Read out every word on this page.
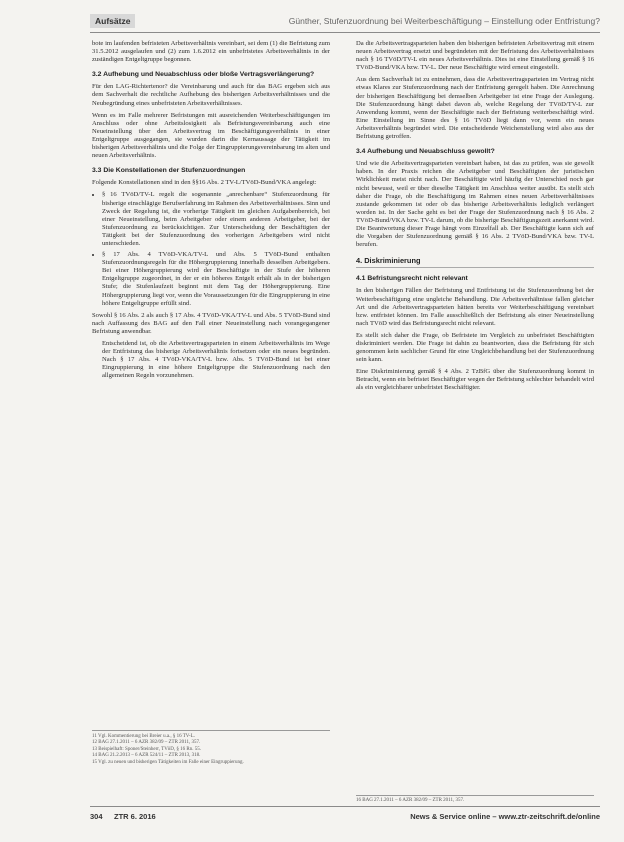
Aufsätze	Günther, Stufenzuordnung bei Weiterbeschäftigung – Einstellung oder Entfristung?

bote im laufenden befristeten Arbeitsverhältnis vereinbart, sei dem (1) die Befristung zum 31.5.2012 ausgelaufen und (2) zum 1.6.2012 ein unbefristetes Arbeitsverhältnis in der zuständigen Entgeltgruppe begonnen.

3.2 Aufhebung und Neuabschluss oder bloße Vertragsverlängerung?

Für den LAG-Richtertenor? die Vereinbarung und auch für das BAG ergeben sich aus dem Sachverhalt die rechtliche Aufhebung des bisherigen Arbeitsverhältnisses und die Neubegründung eines unbefristeten Arbeitsverhältnisses.

Wenn es im Falle mehrerer Befristungen mit ausreichenden Weiterbeschäftigungen im Anschluss oder ohne Arbeitslosigkeit als Befristungsvereinbarung auch eine Neueinstellung über den Arbeitsvertrag im Beschäftigungsverhältnis in einer Entgeltgruppe ausgegangen, sie wurden darin die Kernaussage der Tätigkeit im bisherigen Arbeitsverhältnis und die Folge der Eingruppierungsvereinbarung im alten und neuen Arbeitsverhältnis.

3.3 Die Konstellationen der Stufenzuordnungen

Folgende Konstellationen sind in den §§16 Abs. 2 TV-L/TVöD-Bund/VKA angelegt:

• § 16 TVöD/TV-L regelt die sogenannte „anrechenbare“ Stufenzuordnung für bisherige einschlägige Berufserfahrung im Rahmen des Arbeitsverhältnisses. Sinn und Zweck der Regelung ist, die vorherige Tätigkeit im gleichen Aufgabenbereich, bei einer Neueinstellung, beim Arbeitgeber oder einem anderen Arbeitgeber, bei der Stufenzuordnung zu berücksichtigen. Zur Unterscheidung der Beschäftigten der Tätigkeit bei der Stufenzuordnung des vorherigen Arbeitgebers wird nicht unterschieden.
• § 17 Abs. 4 TVöD-VKA/TV-L und Abs. 5 TVöD-Bund enthalten Stufenzuordnungsregeln für die Höhergruppierung innerhalb desselben Arbeitgebers. Bei einer Höhergruppierung wird der Beschäftigte in der Stufe der höheren Entgeltgruppe zugeordnet, in der er ein höheres Entgelt erhält als in der bisherigen Stufe; die Stufenlaufzeit beginnt mit dem Tag der Höhergruppierung. Eine Höhergruppierung liegt vor, wenn die Voraussetzungen für die Eingruppierung in eine höhere Entgeltgruppe erfüllt sind.

Sowohl § 16 Abs. 2 als auch § 17 Abs. 4 TVöD-VKA/TV-L und Abs. 5 TVöD-Bund sind nach Auffassung des BAG auf den Fall einer Neueinstellung nach vorangegangener Befristung anwendbar.

Entscheidend ist, ob die Arbeitsvertragsparteien in einem Arbeitsverhältnis im Wege der Entfristung das bisherige Arbeitsverhältnis fortsetzen oder ein neues begründen. Nach § 17 Abs. 4 TVöD-VKA/TV-L bzw. Abs. 5 TVöD-Bund ist bei einer Eingruppierung in eine höhere Entgeltgruppe die Stufenzuordnung nach den allgemeinen Regeln vorzunehmen.

11 Vgl. Kommentierung bei Breier u.a., § 16 TV-L.
12 BAG 27.1.2011 – 6 AZR 382/09 – ZTR 2011, 357.
13 Beispielhaft: Sponer/Steinherr, TVöD, § 16 Rn. 55.
14 BAG 21.2.2013 – 6 AZR 524/11 – ZTR 2013, 318.
15 Vgl. zu neuen und bisherigen Tätigkeiten im Falle einer Eingruppierung.

Da die Arbeitsvertragsparteien haben den bisherigen befristeten Arbeitsvertrag mit einem neuen Arbeitsvertrag ersetzt und begründeten mit der Befristung des Arbeitsverhältnisses nach § 16 TVöD/TV-L ein neues Arbeitsverhältnis. Dies ist eine Einstellung gemäß § 16 TVöD-Bund/VKA bzw. TV-L. Der neue Beschäftigte wird erneut eingestellt.

Aus dem Sachverhalt ist zu entnehmen, dass die Arbeitsvertragsparteien im Vertrag nicht etwas Klares zur Stufenzuordnung nach der Entfristung geregelt haben. Die Anrechnung der bisherigen Beschäftigung bei demselben Arbeitgeber ist eine Frage der Auslegung. Die Stufenzuordnung hängt dabei davon ab, welche Regelung der TVöD/TV-L zur Anwendung kommt, wenn der Beschäftigte nach der Befristung weiterbeschäftigt wird. Eine Einstellung im Sinne des § 16 TVöD liegt dann vor, wenn ein neues Arbeitsverhältnis begründet wird. Die entscheidende Weichenstellung wird also aus der Befristung getroffen.

3.4 Aufhebung und Neuabschluss gewollt?

Und wie die Arbeitsvertragsparteien vereinbart haben, ist das zu prüfen, was sie gewollt haben. In der Praxis reichen die Arbeitgeber und Beschäftigten der juristischen Wirklichkeit meist nicht nach. Der Beschäftigte wird häufig der Unterschied noch gar nicht bewusst, weil er über dieselbe Tätigkeit im Anschluss weiter ausübt. Es stellt sich daher die Frage, ob die Beschäftigung im Rahmen eines neuen Arbeitsverhältnisses zustande gekommen ist oder ob das bisherige Arbeitsverhältnis lediglich verlängert worden ist. In der Sache geht es bei der Frage der Stufenzuordnung nach § 16 Abs. 2 TVöD-Bund/VKA bzw. TV-L darum, ob die bisherige Beschäftigungszeit anerkannt wird. Die Beantwortung dieser Frage hängt vom Einzelfall ab. Der Beschäftigte kann sich auf die Vorgaben der Stufenzuordnung gemäß § 16 Abs. 2 TVöD-Bund/VKA bzw. TV-L berufen.

4. Diskriminierung
4.1 Befristungsrecht nicht relevant

In den bisherigen Fällen der Befristung und Entfristung ist die Stufenzuordnung bei der Weiterbeschäftigung eine ungleiche Behandlung. Die Arbeitsverhältnisse fallen gleicher Art und die Arbeitsvertragsparteien hätten bereits vor Weiterbeschäftigung vereinbart bzw. entfristet können. Im Falle ausschließlich der Befristung als einer Neueinstellung nach TVöD wird das Befristungsrecht nicht relevant.

Es stellt sich daher die Frage, ob Befristete im Vergleich zu unbefristet Beschäftigten diskriminiert werden. Die Frage ist dahin zu beantworten, dass die Befristung für sich genommen kein sachlicher Grund für eine Ungleichbehandlung bei der Stufenzuordnung sein kann.

Eine Diskriminierung gemäß § 4 Abs. 2 TzBfG über die Stufenzuordnung kommt in Betracht, wenn ein befristet Beschäftigter wegen der Befristung schlechter behandelt wird als ein vergleichbarer unbefristet Beschäftigter.

16 BAG 27.1.2011 – 6 AZR 382/09 – ZTR 2011, 357.
304 ZTR 6. 2016	News & Service online – www.ztr-zeitschrift.de/online
